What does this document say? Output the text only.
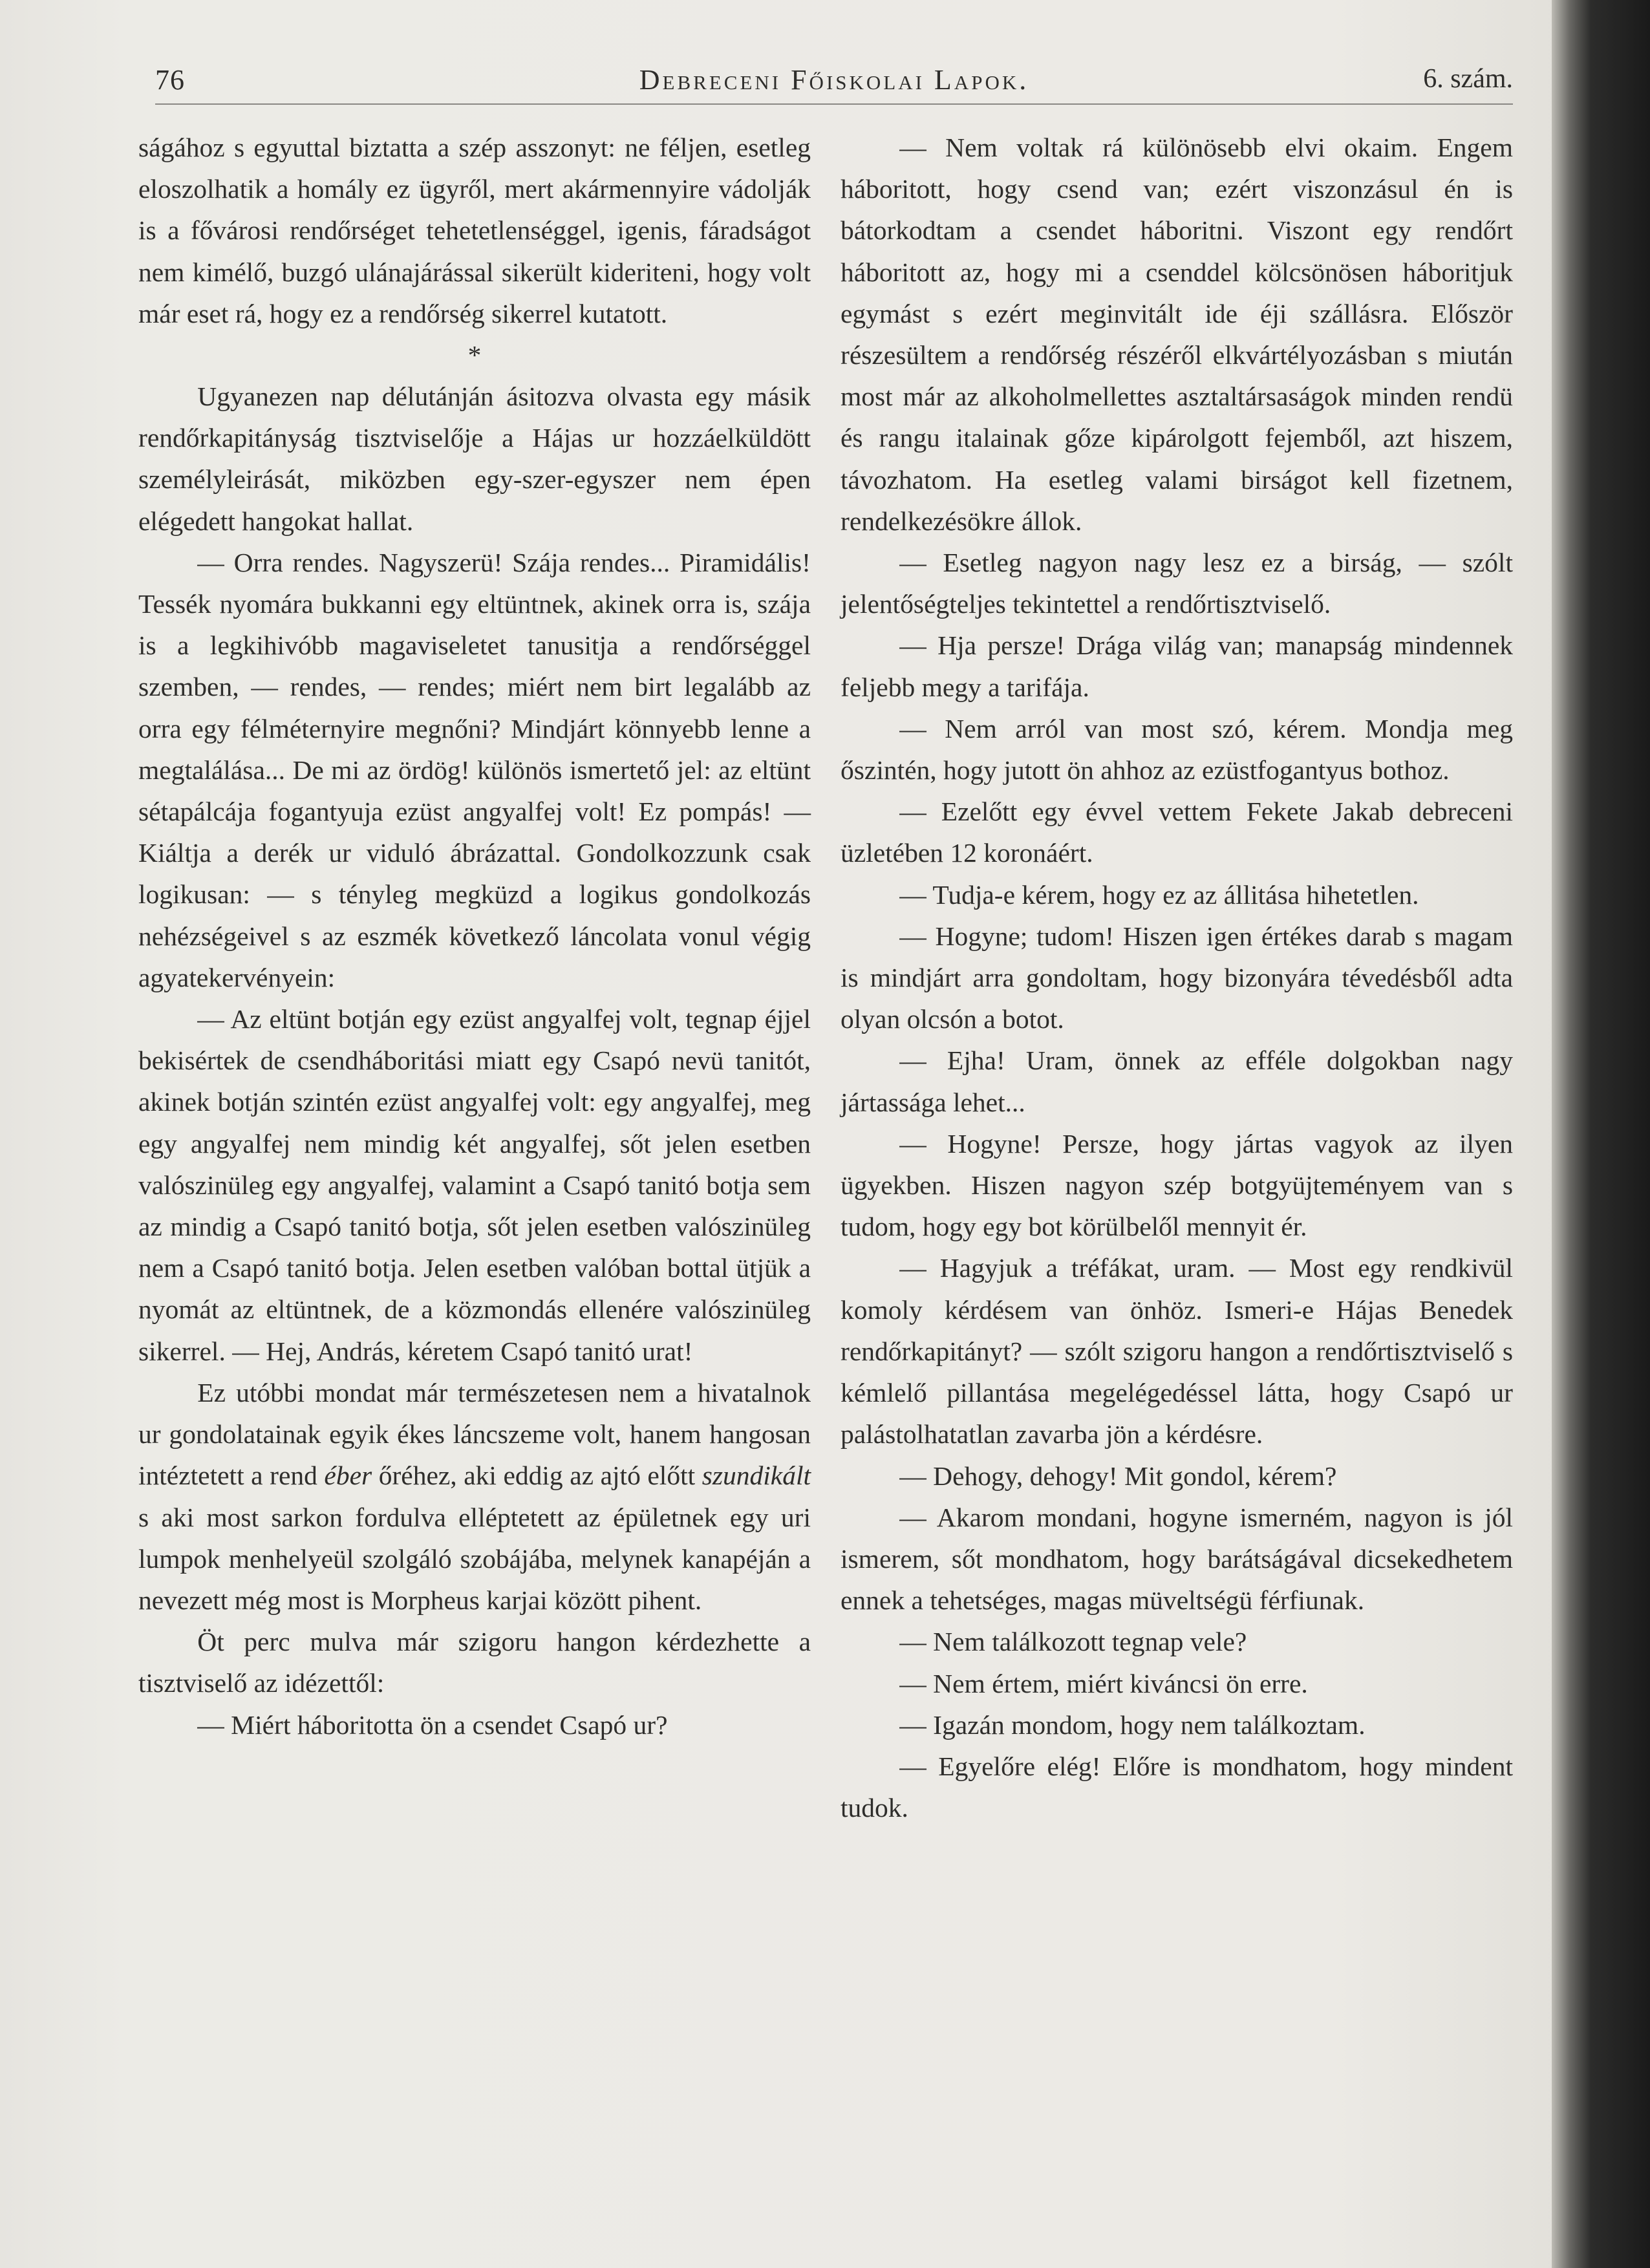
76	Debreceni Főiskolai Lapok.	6. szám.

ságához s egyuttal biztatta a szép asszonyt: ne féljen, esetleg eloszolhatik a homály ez ügyről, mert akármennyire vádolják is a fővárosi rendőrséget tehetetlenséggel, igenis, fáradságot nem kimélő, buzgó ulánajárással sikerült kideriteni, hogy volt már eset rá, hogy ez a rendőrség sikerrel kutatott.

*

Ugyanezen nap délutánján ásitozva olvasta egy másik rendőrkapitányság tisztviselője a Hájas ur hozzáelküldött személyleirását, miközben egy-szer-egyszer nem épen elégedett hangokat hallat.

— Orra rendes. Nagyszerü! Szája rendes... Piramidális! Tessék nyomára bukkanni egy eltüntnek, akinek orra is, szája is a legkihivóbb magaviseletet tanusitja a rendőrséggel szemben, — rendes, — rendes; miért nem birt legalább az orra egy félméternyire megnőni? Mindjárt könnyebb lenne a megtalálása... De mi az ördög! különös ismertető jel: az eltünt sétapálcája fogantyuja ezüst angyalfej volt! Ez pompás! — Kiáltja a derék ur viduló ábrázattal. Gondolkozzunk csak logikusan: — s tényleg megküzd a logikus gondolkozás nehézségeivel s az eszmék következő láncolata vonul végig agyatekervényein:

— Az eltünt botján egy ezüst angyalfej volt, tegnap éjjel bekisértek de csendháboritási miatt egy Csapó nevü tanitót, akinek botján szintén ezüst angyalfej volt: egy angyalfej, meg egy angyalfej nem mindig két angyalfej, sőt jelen esetben valószinüleg egy angyalfej, valamint a Csapó tanitó botja sem az mindig a Csapó tanitó botja, sőt jelen esetben valószinüleg nem a Csapó tanitó botja. Jelen esetben valóban bottal ütjük a nyomát az eltüntnek, de a közmondás ellenére valószinüleg sikerrel. — Hej, András, kéretem Csapó tanitó urat!

Ez utóbbi mondat már természetesen nem a hivatalnok ur gondolatainak egyik ékes láncszeme volt, hanem hangosan intéztetett a rend éber őréhez, aki eddig az ajtó előtt szundikált s aki most sarkon fordulva elléptetett az épületnek egy uri lumpok menhelyeül szolgáló szobájába, melynek kanapéján a nevezett még most is Morpheus karjai között pihent.

Öt perc mulva már szigoru hangon kérdezhette a tisztviselő az idézettől:

— Miért háboritotta ön a csendet Csapó ur?

— Nem voltak rá különösebb elvi okaim. Engem háboritott, hogy csend van; ezért viszonzásul én is bátorkodtam a csendet háboritni. Viszont egy rendőrt háboritott az, hogy mi a csenddel kölcsönösen háboritjuk egymást s ezért meginvitált ide éji szállásra. Először részesültem a rendőrség részéről elkvártélyozásban s miután most már az alkoholmellettes asztaltársaságok minden rendü és rangu italainak gőze kipárolgott fejemből, azt hiszem, távozhatom. Ha esetleg valami birságot kell fizetnem, rendelkezésökre állok.

— Esetleg nagyon nagy lesz ez a birság, — szólt jelentőségteljes tekintettel a rendőrtisztviselő.

— Hja persze! Drága világ van; manapság mindennek feljebb megy a tarifája.

— Nem arról van most szó, kérem. Mondja meg őszintén, hogy jutott ön ahhoz az ezüstfogantyus bothoz.

— Ezelőtt egy évvel vettem Fekete Jakab debreceni üzletében 12 koronáért.

— Tudja-e kérem, hogy ez az állitása hihetetlen.

— Hogyne; tudom! Hiszen igen értékes darab s magam is mindjárt arra gondoltam, hogy bizonyára tévedésből adta olyan olcsón a botot.

— Ejha! Uram, önnek az efféle dolgokban nagy jártassága lehet...

— Hogyne! Persze, hogy jártas vagyok az ilyen ügyekben. Hiszen nagyon szép botgyüjteményem van s tudom, hogy egy bot körülbelől mennyit ér.

— Hagyjuk a tréfákat, uram. — Most egy rendkivül komoly kérdésem van önhöz. Ismeri-e Hájas Benedek rendőrkapitányt? — szólt szigoru hangon a rendőrtisztviselő s kémlelő pillantása megelégedéssel látta, hogy Csapó ur palástolhatatlan zavarba jön a kérdésre.

— Dehogy, dehogy! Mit gondol, kérem?

— Akarom mondani, hogyne ismerném, nagyon is jól ismerem, sőt mondhatom, hogy barátságával dicsekedhetem ennek a tehetséges, magas müveltségü férfiunak.

— Nem találkozott tegnap vele?

— Nem értem, miért kiváncsi ön erre.

— Igazán mondom, hogy nem találkoztam.

— Egyelőre elég! Előre is mondhatom, hogy mindent tudok.
